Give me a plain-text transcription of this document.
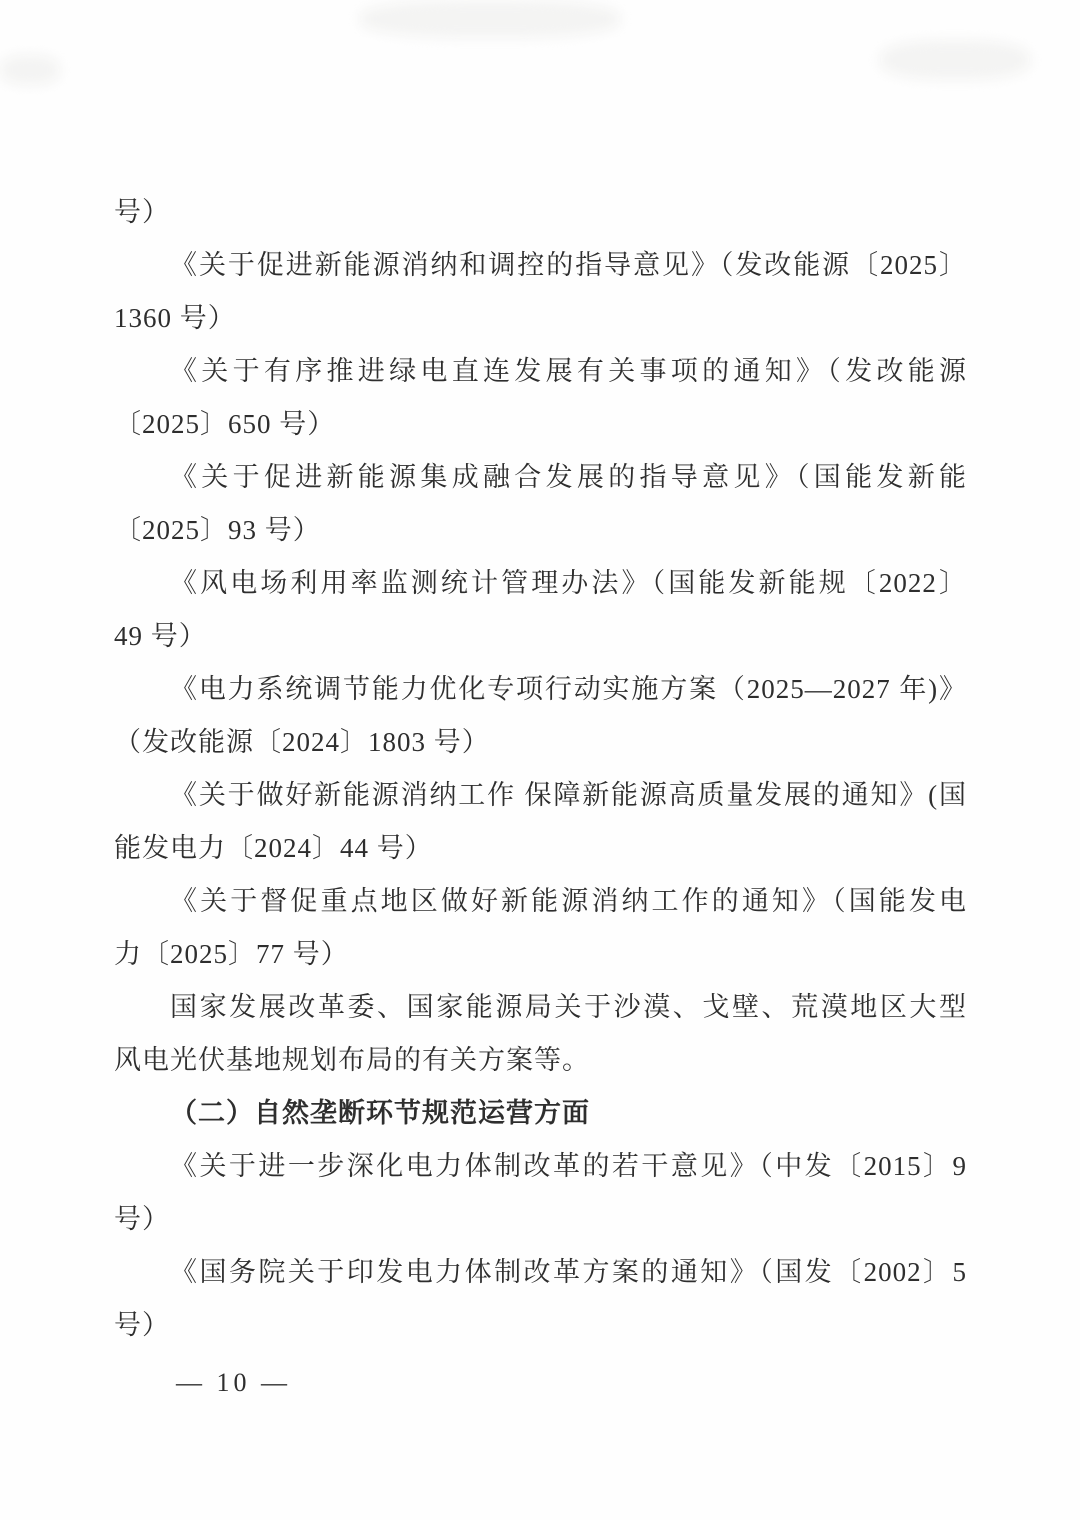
号）
《关于促进新能源消纳和调控的指导意见》（发改能源〔2025〕
1360 号）
《关于有序推进绿电直连发展有关事项的通知》（发改能源
〔2025〕650 号）
《关于促进新能源集成融合发展的指导意见》（国能发新能
〔2025〕93 号）
《风电场利用率监测统计管理办法》（国能发新能规〔2022〕
49 号）
《电力系统调节能力优化专项行动实施方案（2025—2027 年)》
（发改能源〔2024〕1803 号）
《关于做好新能源消纳工作 保障新能源高质量发展的通知》(国
能发电力〔2024〕44 号）
《关于督促重点地区做好新能源消纳工作的通知》（国能发电
力〔2025〕77 号）
国家发展改革委、国家能源局关于沙漠、戈壁、荒漠地区大型
风电光伏基地规划布局的有关方案等。
（二）自然垄断环节规范运营方面
《关于进一步深化电力体制改革的若干意见》（中发〔2015〕9
号）
《国务院关于印发电力体制改革方案的通知》（国发〔2002〕5
号）
— 10 —
